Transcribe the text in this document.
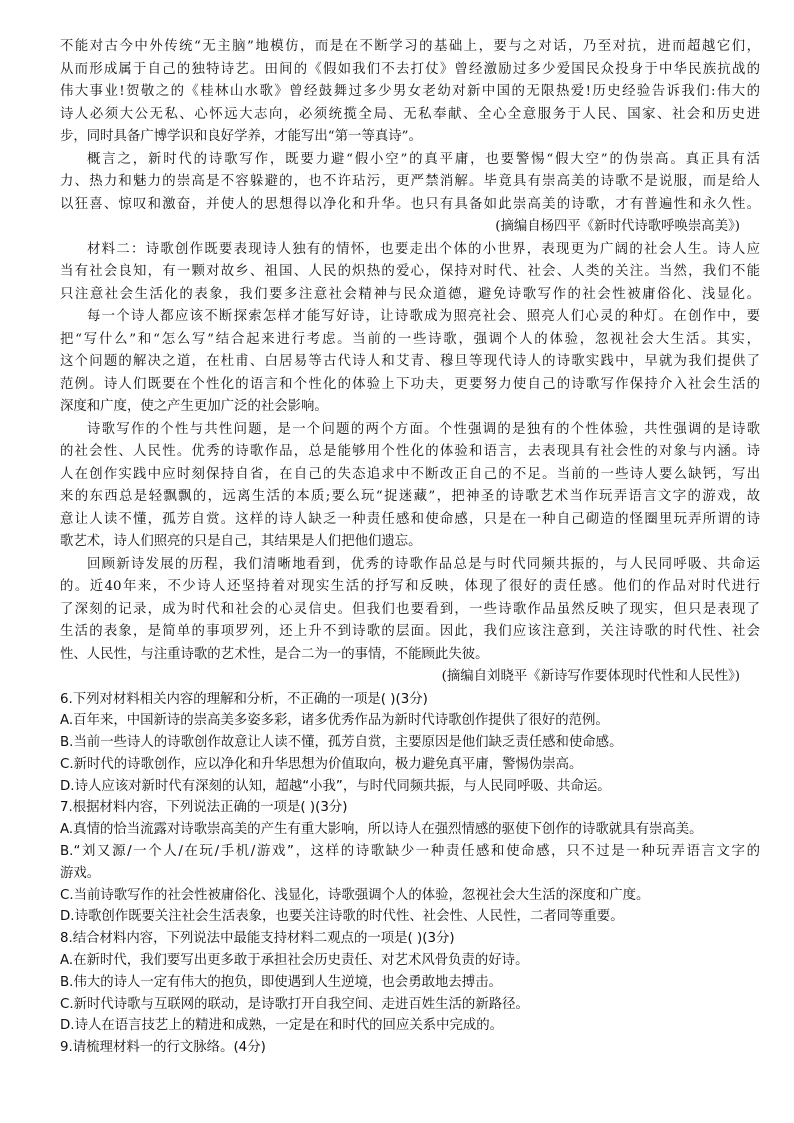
不能对古今中外传统“无主脑”地模仿，而是在不断学习的基础上，要与之对话，乃至对抗，进而超越它们，

从而形成属于自己的独特诗艺。田间的《假如我们不去打仗》曾经激励过多少爱国民众投身于中华民族抗战的

伟大事业!贺敬之的《桂林山水歌》曾经鼓舞过多少男女老幼对新中国的无限热爱!历史经验告诉我们:伟大的

诗人必须大公无私、心怀远大志向，必须统揽全局、无私奉献、全心全意服务于人民、国家、社会和历史进

步，同时具备广博学识和良好学养，才能写出“第一等真诗”。

概言之，新时代的诗歌写作，既要力避“假小空”的真平庸，也要警惕“假大空”的伪崇高。真正具有活

力、热力和魅力的崇高是不容躲避的，也不许玷污，更严禁消解。毕竟具有崇高美的诗歌不是说服，而是给人

以狂喜、惊叹和激奋，并使人的思想得以净化和升华。也只有具备如此崇高美的诗歌，才有普遍性和永久性。

(摘编自杨四平《新时代诗歌呼唤崇高美》)

材料二：诗歌创作既要表现诗人独有的情怀，也要走出个体的小世界，表现更为广阔的社会人生。诗人应

当有社会良知，有一颗对故乡、祖国、人民的炽热的爱心，保持对时代、社会、人类的关注。当然，我们不能

只注意社会生活化的表象，我们要多注意社会精神与民众道德，避免诗歌写作的社会性被庸俗化、浅显化。

每一个诗人都应该不断探索怎样才能写好诗，让诗歌成为照亮社会、照亮人们心灵的种灯。在创作中，要

把“写什么”和“怎么写”结合起来进行考虑。当前的一些诗歌，强调个人的体验，忽视社会大生活。其实，

这个问题的解决之道，在杜甫、白居易等古代诗人和艾青、穆旦等现代诗人的诗歌实践中，早就为我们提供了

范例。诗人们既要在个性化的语言和个性化的体验上下功夫，更要努力使自己的诗歌写作保持介入社会生活的

深度和广度，使之产生更加广泛的社会影响。

诗歌写作的个性与共性问题，是一个问题的两个方面。个性强调的是独有的个性体验，共性强调的是诗歌

的社会性、人民性。优秀的诗歌作品，总是能够用个性化的体验和语言，去表现具有社会性的对象与内涵。诗

人在创作实践中应时刻保持自省，在自己的失态追求中不断改正自己的不足。当前的一些诗人要么缺钙，写出

来的东西总是轻飘飘的，远离生活的本质;要么玩“捉迷藏”，把神圣的诗歌艺术当作玩弄语言文字的游戏，故

意让人读不懂，孤芳自赏。这样的诗人缺乏一种责任感和使命感，只是在一种自己砌造的怪圈里玩弄所谓的诗

歌艺术，诗人们照亮的只是自己，其结果是人们把他们遗忘。

回顾新诗发展的历程，我们清晰地看到，优秀的诗歌作品总是与时代同频共振的，与人民同呼吸、共命运

的。近40年来，不少诗人还坚持着对现实生活的抒写和反映，体现了很好的责任感。他们的作品对时代进行

了深刻的记录，成为时代和社会的心灵信史。但我们也要看到，一些诗歌作品虽然反映了现实，但只是表现了

生活的表象，是简单的事项罗列，还上升不到诗歌的层面。因此，我们应该注意到，关注诗歌的时代性、社会

性、人民性，与注重诗歌的艺术性，是合二为一的事情，不能顾此失彼。

(摘编自刘晓平《新诗写作要体现时代性和人民性》)

6.下列对材料相关内容的理解和分析，不正确的一项是( )(3分)

A.百年来，中国新诗的崇高美多姿多彩，诸多优秀作品为新时代诗歌创作提供了很好的范例。

B.当前一些诗人的诗歌创作故意让人读不懂，孤芳自赏，主要原因是他们缺乏责任感和使命感。

C.新时代的诗歌创作，应以净化和升华思想为价值取向，极力避免真平庸，警惕伪崇高。

D.诗人应该对新时代有深刻的认知，超越“小我”，与时代同频共振，与人民同呼吸、共命运。

7.根据材料内容，下列说法正确的一项是( )(3分)

A.真情的恰当流露对诗歌崇高美的产生有重大影响，所以诗人在强烈情感的驱使下创作的诗歌就具有崇高美。

B.“刘又源/一个人/在玩/手机/游戏”，这样的诗歌缺少一种责任感和使命感，只不过是一种玩弄语言文字的

游戏。

C.当前诗歌写作的社会性被庸俗化、浅显化，诗歌强调个人的体验，忽视社会大生活的深度和广度。

D.诗歌创作既要关注社会生活表象，也要关注诗歌的时代性、社会性、人民性，二者同等重要。

8.结合材料内容，下列说法中最能支持材料二观点的一项是( )(3分)

A.在新时代，我们要写出更多敢于承担社会历史责任、对艺术风骨负责的好诗。

B.伟大的诗人一定有伟大的抱负，即使遇到人生逆境，也会勇敢地去搏击。

C.新时代诗歌与互联网的联动，是诗歌打开自我空间、走进百姓生活的新路径。

D.诗人在语言技艺上的精进和成熟，一定是在和时代的回应关系中完成的。

9.请梳理材料一的行文脉络。(4分)
